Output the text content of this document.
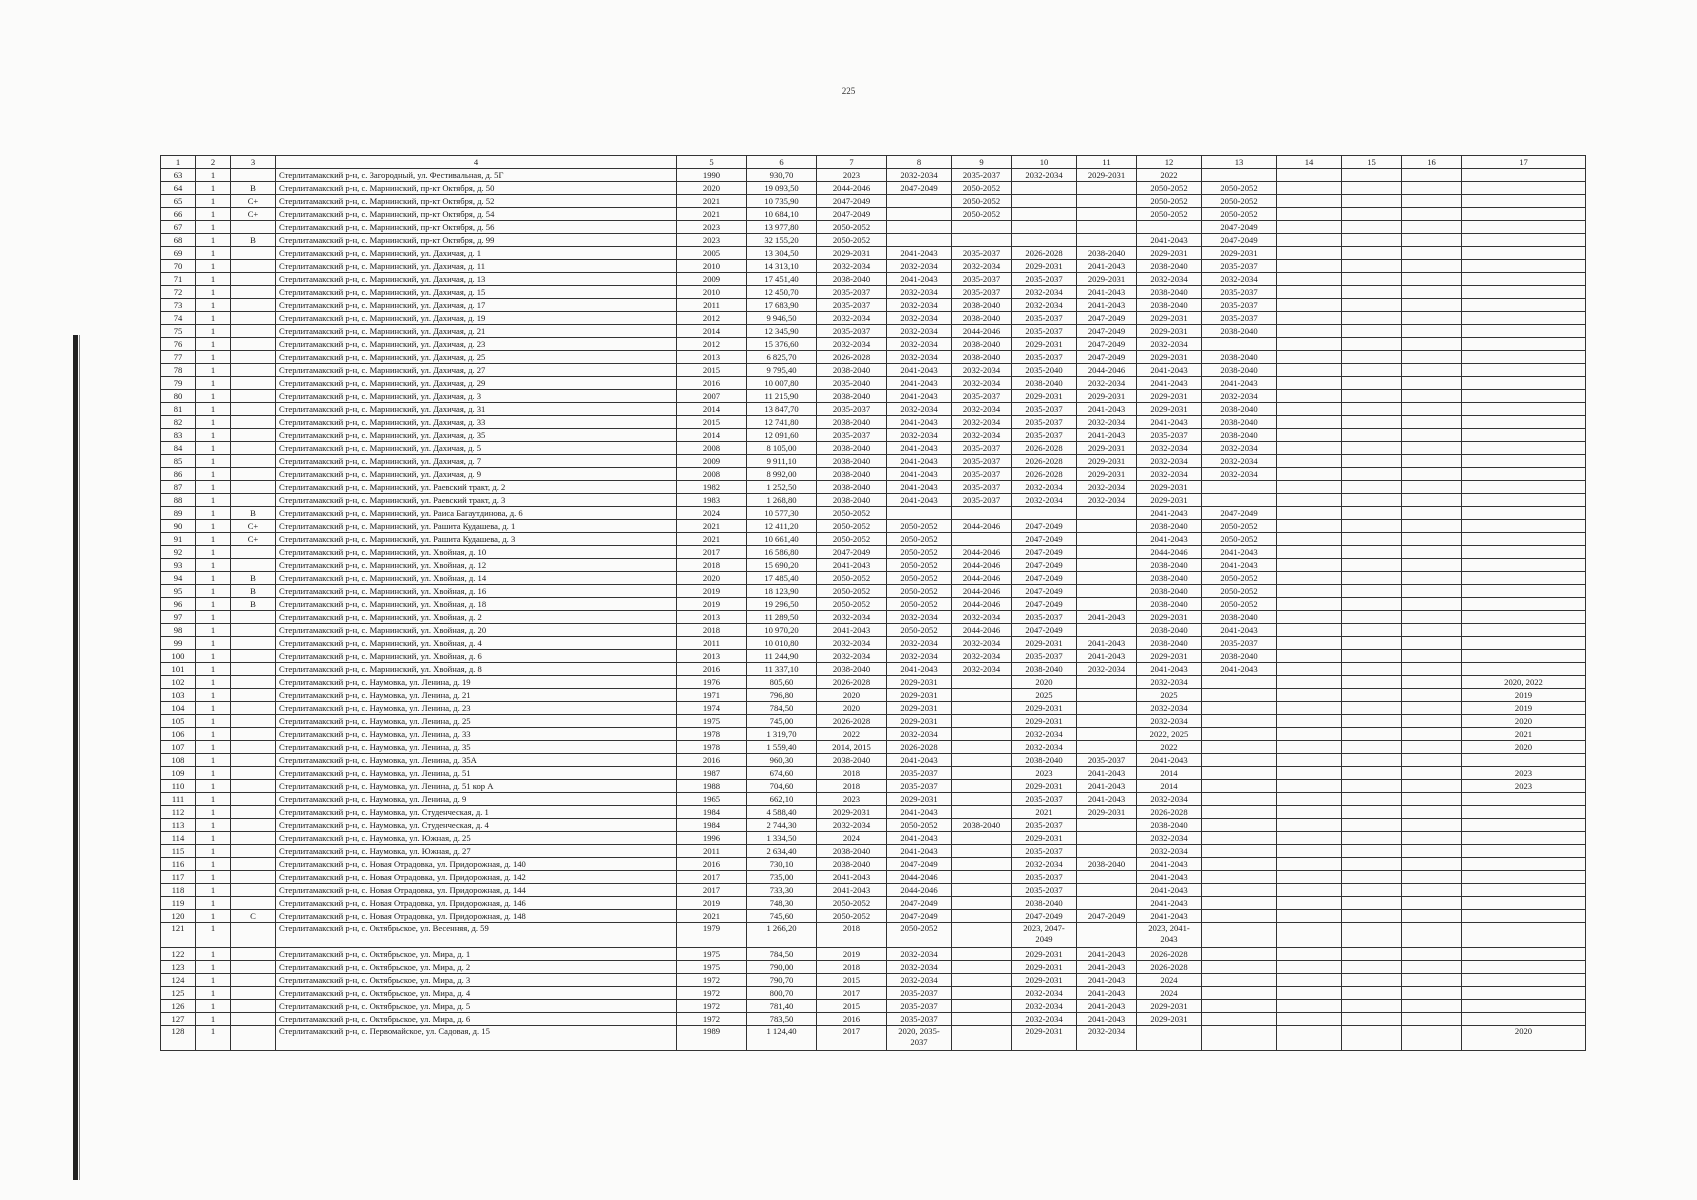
225
1	2	3	4	5	6	7	8	9	10	11	12	13	14	15	16	17
63	1		Стерлитамакский р-н, с. Загородный, ул. Фестивальная, д. 5Г	1990	930,70	2023	2032-2034	2035-2037	2032-2034	2029-2031	2022					
64	1	В	Стерлитамакский р-н, с. Марнинский, пр-кт Октября, д. 50	2020	19 093,50	2044-2046	2047-2049	2050-2052			2050-2052	2050-2052				
65	1	С+	Стерлитамакский р-н, с. Марнинский, пр-кт Октября, д. 52	2021	10 735,90	2047-2049		2050-2052			2050-2052	2050-2052				
66	1	С+	Стерлитамакский р-н, с. Марнинский, пр-кт Октября, д. 54	2021	10 684,10	2047-2049		2050-2052			2050-2052	2050-2052				
67	1		Стерлитамакский р-н, с. Марнинский, пр-кт Октября, д. 56	2023	13 977,80	2050-2052						2047-2049				
68	1	В	Стерлитамакский р-н, с. Марнинский, пр-кт Октября, д. 99	2023	32 155,20	2050-2052					2041-2043	2047-2049				
69	1		Стерлитамакский р-н, с. Марнинский, ул. Дахичая, д. 1	2005	13 304,50	2029-2031	2041-2043	2035-2037	2026-2028	2038-2040	2029-2031	2029-2031				
70	1		Стерлитамакский р-н, с. Марнинский, ул. Дахичая, д. 11	2010	14 313,10	2032-2034	2032-2034	2032-2034	2029-2031	2041-2043	2038-2040	2035-2037				
71	1		Стерлитамакский р-н, с. Марнинский, ул. Дахичая, д. 13	2009	17 451,40	2038-2040	2041-2043	2035-2037	2035-2037	2029-2031	2032-2034	2032-2034				
72	1		Стерлитамакский р-н, с. Марнинский, ул. Дахичая, д. 15	2010	12 450,70	2035-2037	2032-2034	2035-2037	2032-2034	2041-2043	2038-2040	2035-2037				
73	1		Стерлитамакский р-н, с. Марнинский, ул. Дахичая, д. 17	2011	17 683,90	2035-2037	2032-2034	2038-2040	2032-2034	2041-2043	2038-2040	2035-2037				
74	1		Стерлитамакский р-н, с. Марнинский, ул. Дахичая, д. 19	2012	9 946,50	2032-2034	2032-2034	2038-2040	2035-2037	2047-2049	2029-2031	2035-2037				
75	1		Стерлитамакский р-н, с. Марнинский, ул. Дахичая, д. 21	2014	12 345,90	2035-2037	2032-2034	2044-2046	2035-2037	2047-2049	2029-2031	2038-2040				
76	1		Стерлитамакский р-н, с. Марнинский, ул. Дахичая, д. 23	2012	15 376,60	2032-2034	2032-2034	2038-2040	2029-2031	2047-2049	2032-2034					
77	1		Стерлитамакский р-н, с. Марнинский, ул. Дахичая, д. 25	2013	6 825,70	2026-2028	2032-2034	2038-2040	2035-2037	2047-2049	2029-2031	2038-2040				
78	1		Стерлитамакский р-н, с. Марнинский, ул. Дахичая, д. 27	2015	9 795,40	2038-2040	2041-2043	2032-2034	2035-2040	2044-2046	2041-2043	2038-2040				
79	1		Стерлитамакский р-н, с. Марнинский, ул. Дахичая, д. 29	2016	10 007,80	2035-2040	2041-2043	2032-2034	2038-2040	2032-2034	2041-2043	2041-2043				
80	1		Стерлитамакский р-н, с. Марнинский, ул. Дахичая, д. 3	2007	11 215,90	2038-2040	2041-2043	2035-2037	2029-2031	2029-2031	2029-2031	2032-2034				
81	1		Стерлитамакский р-н, с. Марнинский, ул. Дахичая, д. 31	2014	13 847,70	2035-2037	2032-2034	2032-2034	2035-2037	2041-2043	2029-2031	2038-2040				
82	1		Стерлитамакский р-н, с. Марнинский, ул. Дахичая, д. 33	2015	12 741,80	2038-2040	2041-2043	2032-2034	2035-2037	2032-2034	2041-2043	2038-2040				
83	1		Стерлитамакский р-н, с. Марнинский, ул. Дахичая, д. 35	2014	12 091,60	2035-2037	2032-2034	2032-2034	2035-2037	2041-2043	2035-2037	2038-2040				
84	1		Стерлитамакский р-н, с. Марнинский, ул. Дахичая, д. 5	2008	8 105,00	2038-2040	2041-2043	2035-2037	2026-2028	2029-2031	2032-2034	2032-2034				
85	1		Стерлитамакский р-н, с. Марнинский, ул. Дахичая, д. 7	2009	9 911,10	2038-2040	2041-2043	2035-2037	2026-2028	2029-2031	2032-2034	2032-2034				
86	1		Стерлитамакский р-н, с. Марнинский, ул. Дахичая, д. 9	2008	8 992,00	2038-2040	2041-2043	2035-2037	2026-2028	2029-2031	2032-2034	2032-2034				
87	1		Стерлитамакский р-н, с. Марнинский, ул. Раевский тракт, д. 2	1982	1 252,50	2038-2040	2041-2043	2035-2037	2032-2034	2032-2034	2029-2031					
88	1		Стерлитамакский р-н, с. Марнинский, ул. Раевский тракт, д. 3	1983	1 268,80	2038-2040	2041-2043	2035-2037	2032-2034	2032-2034	2029-2031					
89	1	В	Стерлитамакский р-н, с. Марнинский, ул. Раиса Багаутдинова, д. 6	2024	10 577,30	2050-2052					2041-2043	2047-2049				
90	1	С+	Стерлитамакский р-н, с. Марнинский, ул. Рашита Кудашева, д. 1	2021	12 411,20	2050-2052	2050-2052	2044-2046	2047-2049		2038-2040	2050-2052				
91	1	С+	Стерлитамакский р-н, с. Марнинский, ул. Рашита Кудашева, д. 3	2021	10 661,40	2050-2052	2050-2052		2047-2049		2041-2043	2050-2052				
92	1		Стерлитамакский р-н, с. Марнинский, ул. Хвойная, д. 10	2017	16 586,80	2047-2049	2050-2052	2044-2046	2047-2049		2044-2046	2041-2043				
93	1		Стерлитамакский р-н, с. Марнинский, ул. Хвойная, д. 12	2018	15 690,20	2041-2043	2050-2052	2044-2046	2047-2049		2038-2040	2041-2043				
94	1	В	Стерлитамакский р-н, с. Марнинский, ул. Хвойная, д. 14	2020	17 485,40	2050-2052	2050-2052	2044-2046	2047-2049		2038-2040	2050-2052				
95	1	В	Стерлитамакский р-н, с. Марнинский, ул. Хвойная, д. 16	2019	18 123,90	2050-2052	2050-2052	2044-2046	2047-2049		2038-2040	2050-2052				
96	1	В	Стерлитамакский р-н, с. Марнинский, ул. Хвойная, д. 18	2019	19 296,50	2050-2052	2050-2052	2044-2046	2047-2049		2038-2040	2050-2052				
97	1		Стерлитамакский р-н, с. Марнинский, ул. Хвойная, д. 2	2013	11 289,50	2032-2034	2032-2034	2032-2034	2035-2037	2041-2043	2029-2031	2038-2040				
98	1		Стерлитамакский р-н, с. Марнинский, ул. Хвойная, д. 20	2018	10 970,20	2041-2043	2050-2052	2044-2046	2047-2049		2038-2040	2041-2043				
99	1		Стерлитамакский р-н, с. Марнинский, ул. Хвойная, д. 4	2011	10 010,80	2032-2034	2032-2034	2032-2034	2029-2031	2041-2043	2038-2040	2035-2037				
100	1		Стерлитамакский р-н, с. Марнинский, ул. Хвойная, д. 6	2013	11 244,90	2032-2034	2032-2034	2032-2034	2035-2037	2041-2043	2029-2031	2038-2040				
101	1		Стерлитамакский р-н, с. Марнинский, ул. Хвойная, д. 8	2016	11 337,10	2038-2040	2041-2043	2032-2034	2038-2040	2032-2034	2041-2043	2041-2043				
102	1		Стерлитамакский р-н, с. Наумовка, ул. Ленина, д. 19	1976	805,60	2026-2028	2029-2031		2020		2032-2034					2020, 2022
103	1		Стерлитамакский р-н, с. Наумовка, ул. Ленина, д. 21	1971	796,80	2020	2029-2031		2025		2025					2019
104	1		Стерлитамакский р-н, с. Наумовка, ул. Ленина, д. 23	1974	784,50	2020	2029-2031		2029-2031		2032-2034					2019
105	1		Стерлитамакский р-н, с. Наумовка, ул. Ленина, д. 25	1975	745,00	2026-2028	2029-2031		2029-2031		2032-2034					2020
106	1		Стерлитамакский р-н, с. Наумовка, ул. Ленина, д. 33	1978	1 319,70	2022	2032-2034		2032-2034		2022, 2025					2021
107	1		Стерлитамакский р-н, с. Наумовка, ул. Ленина, д. 35	1978	1 559,40	2014, 2015	2026-2028		2032-2034		2022					2020
108	1		Стерлитамакский р-н, с. Наумовка, ул. Ленина, д. 35А	2016	960,30	2038-2040	2041-2043		2038-2040	2035-2037	2041-2043					
109	1		Стерлитамакский р-н, с. Наумовка, ул. Ленина, д. 51	1987	674,60	2018	2035-2037		2023	2041-2043	2014					2023
110	1		Стерлитамакский р-н, с. Наумовка, ул. Ленина, д. 51 кор А	1988	704,60	2018	2035-2037		2029-2031	2041-2043	2014					2023
111	1		Стерлитамакский р-н, с. Наумовка, ул. Ленина, д. 9	1965	662,10	2023	2029-2031		2035-2037	2041-2043	2032-2034					
112	1		Стерлитамакский р-н, с. Наумовка, ул. Студенческая, д. 1	1984	4 588,40	2029-2031	2041-2043		2021	2029-2031	2026-2028					
113	1		Стерлитамакский р-н, с. Наумовка, ул. Студенческая, д. 4	1984	2 744,30	2032-2034	2050-2052	2038-2040	2035-2037		2038-2040					
114	1		Стерлитамакский р-н, с. Наумовка, ул. Южная, д. 25	1996	1 334,50	2024	2041-2043		2029-2031		2032-2034					
115	1		Стерлитамакский р-н, с. Наумовка, ул. Южная, д. 27	2011	2 634,40	2038-2040	2041-2043		2035-2037		2032-2034					
116	1		Стерлитамакский р-н, с. Новая Отрадовка, ул. Придорожная, д. 140	2016	730,10	2038-2040	2047-2049		2032-2034	2038-2040	2041-2043					
117	1		Стерлитамакский р-н, с. Новая Отрадовка, ул. Придорожная, д. 142	2017	735,00	2041-2043	2044-2046		2035-2037		2041-2043					
118	1		Стерлитамакский р-н, с. Новая Отрадовка, ул. Придорожная, д. 144	2017	733,30	2041-2043	2044-2046		2035-2037		2041-2043					
119	1		Стерлитамакский р-н, с. Новая Отрадовка, ул. Придорожная, д. 146	2019	748,30	2050-2052	2047-2049		2038-2040		2041-2043					
120	1	С	Стерлитамакский р-н, с. Новая Отрадовка, ул. Придорожная, д. 148	2021	745,60	2050-2052	2047-2049		2047-2049	2047-2049	2041-2043					
121	1		Стерлитамакский р-н, с. Октябрьское, ул. Весенняя, д. 59	1979	1 266,20	2018	2050-2052		2023, 2047-2049		2023, 2041-2043					
122	1		Стерлитамакский р-н, с. Октябрьское, ул. Мира, д. 1	1975	784,50	2019	2032-2034		2029-2031	2041-2043	2026-2028					
123	1		Стерлитамакский р-н, с. Октябрьское, ул. Мира, д. 2	1975	790,00	2018	2032-2034		2029-2031	2041-2043	2026-2028					
124	1		Стерлитамакский р-н, с. Октябрьское, ул. Мира, д. 3	1972	790,70	2015	2032-2034		2029-2031	2041-2043	2024					
125	1		Стерлитамакский р-н, с. Октябрьское, ул. Мира, д. 4	1972	800,70	2017	2035-2037		2032-2034	2041-2043	2024					
126	1		Стерлитамакский р-н, с. Октябрьское, ул. Мира, д. 5	1972	781,40	2015	2035-2037		2032-2034	2041-2043	2029-2031					
127	1		Стерлитамакский р-н, с. Октябрьское, ул. Мира, д. 6	1972	783,50	2016	2035-2037		2032-2034	2041-2043	2029-2031					
128	1		Стерлитамакский р-н, с. Первомайское, ул. Садовая, д. 15	1989	1 124,40	2017	2020, 2035-2037		2029-2031	2032-2034						2020
